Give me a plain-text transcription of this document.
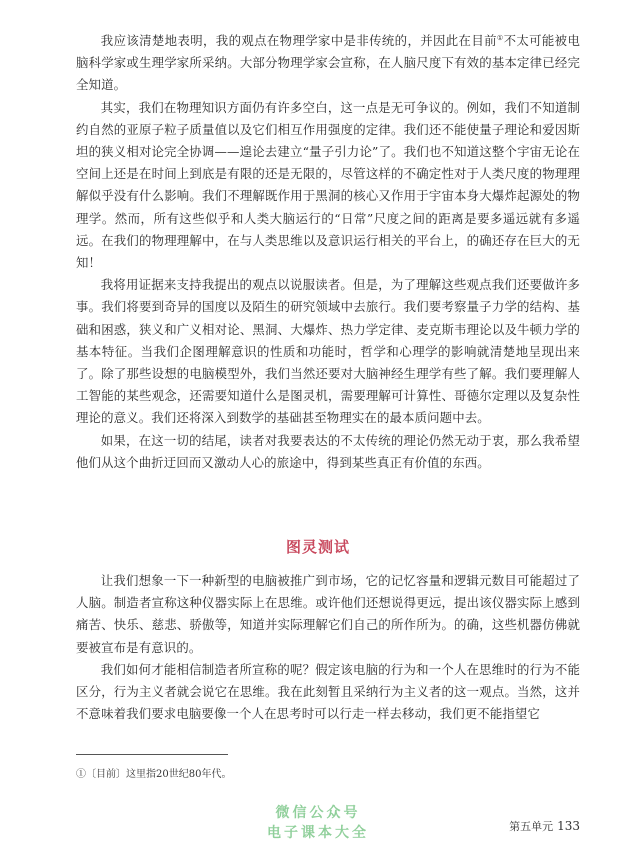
我应该清楚地表明，我的观点在物理学家中是非传统的，并因此在目前①不太可能被电脑科学家或生理学家所采纳。大部分物理学家会宣称，在人脑尺度下有效的基本定律已经完全知道。

其实，我们在物理知识方面仍有许多空白，这一点是无可争议的。例如，我们不知道制约自然的亚原子粒子质量值以及它们相互作用强度的定律。我们还不能使量子理论和爱因斯坦的狭义相对论完全协调——遑论去建立“量子引力论”了。我们也不知道这整个宇宙无论在空间上还是在时间上到底是有限的还是无限的，尽管这样的不确定性对于人类尺度的物理理解似乎没有什么影响。我们不理解既作用于黑洞的核心又作用于宇宙本身大爆炸起源处的物理学。然而，所有这些似乎和人类大脑运行的“日常”尺度之间的距离是要多遥远就有多遥远。在我们的物理理解中，在与人类思维以及意识运行相关的平台上，的确还存在巨大的无知！

我将用证据来支持我提出的观点以说服读者。但是，为了理解这些观点我们还要做许多事。我们将要到奇异的国度以及陌生的研究领域中去旅行。我们要考察量子力学的结构、基础和困惑，狭义和广义相对论、黑洞、大爆炸、热力学定律、麦克斯韦理论以及牛顿力学的基本特征。当我们企图理解意识的性质和功能时，哲学和心理学的影响就清楚地呈现出来了。除了那些设想的电脑模型外，我们当然还要对大脑神经生理学有些了解。我们要理解人工智能的某些观念，还需要知道什么是图灵机，需要理解可计算性、哥德尔定理以及复杂性理论的意义。我们还将深入到数学的基础甚至物理实在的最本质问题中去。

如果，在这一切的结尾，读者对我要表达的不太传统的理论仍然无动于衷，那么我希望他们从这个曲折迂回而又激动人心的旅途中，得到某些真正有价值的东西。

图灵测试

让我们想象一下一种新型的电脑被推广到市场，它的记忆容量和逻辑元数目可能超过了人脑。制造者宣称这种仪器实际上在思维。或许他们还想说得更远，提出该仪器实际上感到痛苦、快乐、慈悲、骄傲等，知道并实际理解它们自己的所作所为。的确，这些机器仿佛就要被宣布是有意识的。

我们如何才能相信制造者所宣称的呢？假定该电脑的行为和一个人在思维时的行为不能区分，行为主义者就会说它在思维。我在此刻暂且采纳行为主义者的这一观点。当然，这并不意味着我们要求电脑要像一个人在思考时可以行走一样去移动，我们更不能指望它

①〔目前〕这里指20世纪80年代。
微信公众号
电子课本大全	第五单元 133
